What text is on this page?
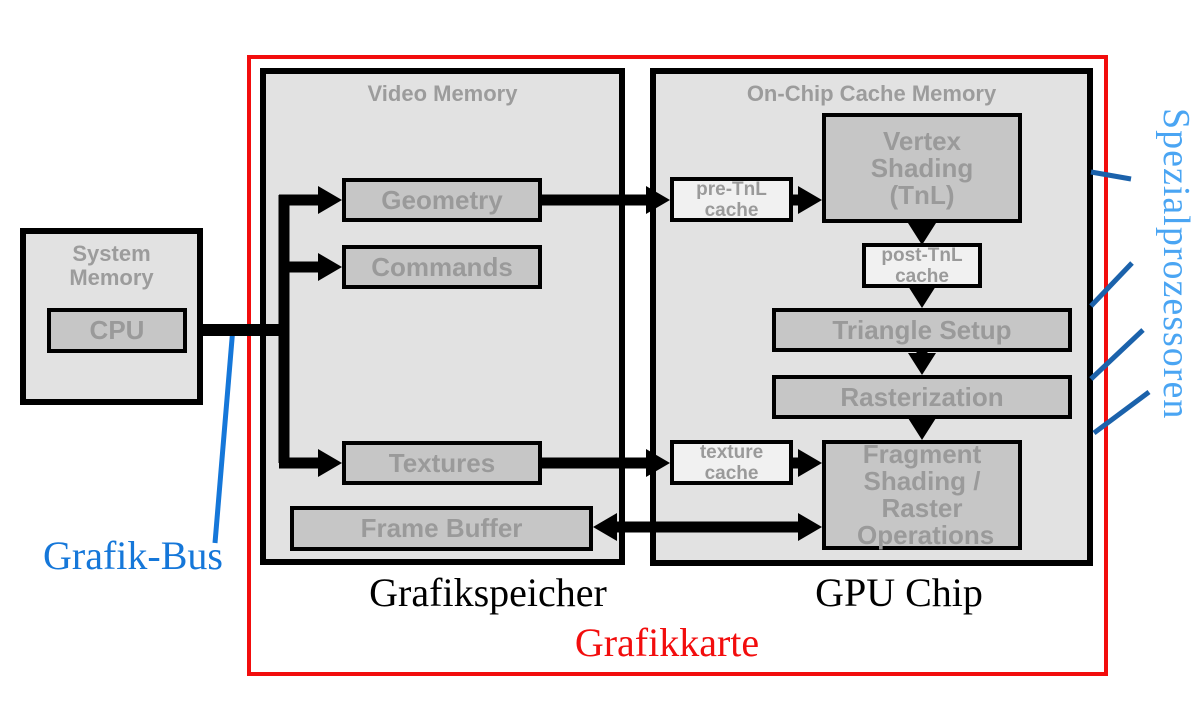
System Memory
Video Memory	On-Chip Cache Memory
CPU
Geometry
Commands
Textures
Frame Buffer
pre-TnL cache
Vertex Shading (TnL)
post-TnL cache
Triangle Setup
Rasterization
texture cache
Fragment Shading / Raster Operations
Grafikspeicher	GPU Chip
Grafikkarte
Grafik-Bus
Spezialprozessoren
